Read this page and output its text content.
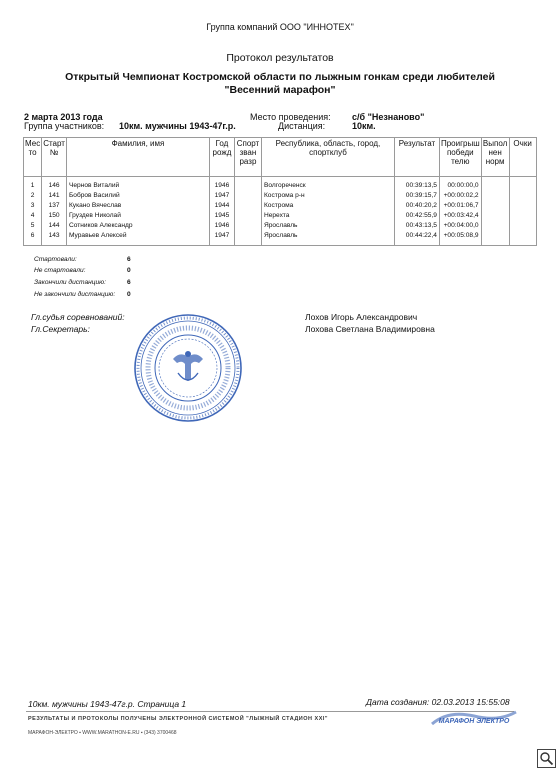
Группа компаний ООО "ИННОТЕХ"
Протокол результатов
Открытый Чемпионат Костромской области по лыжным гонкам среди любителей "Весенний марафон"
2 марта 2013 года
Группа участников: 10км. мужчины 1943-47г.р.
Место проведения: с/б "Незнаново"
Дистанция:	10км.
Мес то	Старт №	Фамилия, имя	Год рожд	Спорт зван разр	Республика, область, город, спортклуб	Результат	Проигрыш победи телю	Выпол нен норм	Очки

1	146	Чернов Виталий	1946		Волгореченск	00:39:13,5	00:00:00,0		
2	141	Бобров Василий	1947		Кострома р-н	00:39:15,7	+00:00:02,2		
3	137	Кукано Вячеслав	1944		Кострома	00:40:20,2	+00:01:06,7		
4	150	Груздев Николай	1945		Нерехта	00:42:55,9	+00:03:42,4		
5	144	Сотников Александр	1946		Ярославль	00:43:13,5	+00:04:00,0		
6	143	Муравьев Алексей	1947		Ярославль	00:44:22,4	+00:05:08,9		

Стартовали:	6
Не стартовали:	0
Закончили дистанцию:	6
Не закончили дистанцию: 0
Гл.судья соревнований:	Лохов Игорь Александрович
Гл.Секретарь:	Лохова Светлана Владимировна
10км. мужчины 1943-47г.р. Страница 1	Дата создания: 02.03.2013 15:55:08
РЕЗУЛЬТАТЫ И ПРОТОКОЛЫ ПОЛУЧЕНЫ ЭЛЕКТРОННОЙ СИСТЕМОЙ "ЛЫЖНЫЙ СТАДИОН XXI"
МАРАФОН-ЭЛЕКТРО ▪ WWW.MARATHON-E.RU ▪ (343) 3700468
МАРАФОН ЭЛЕКТРО
